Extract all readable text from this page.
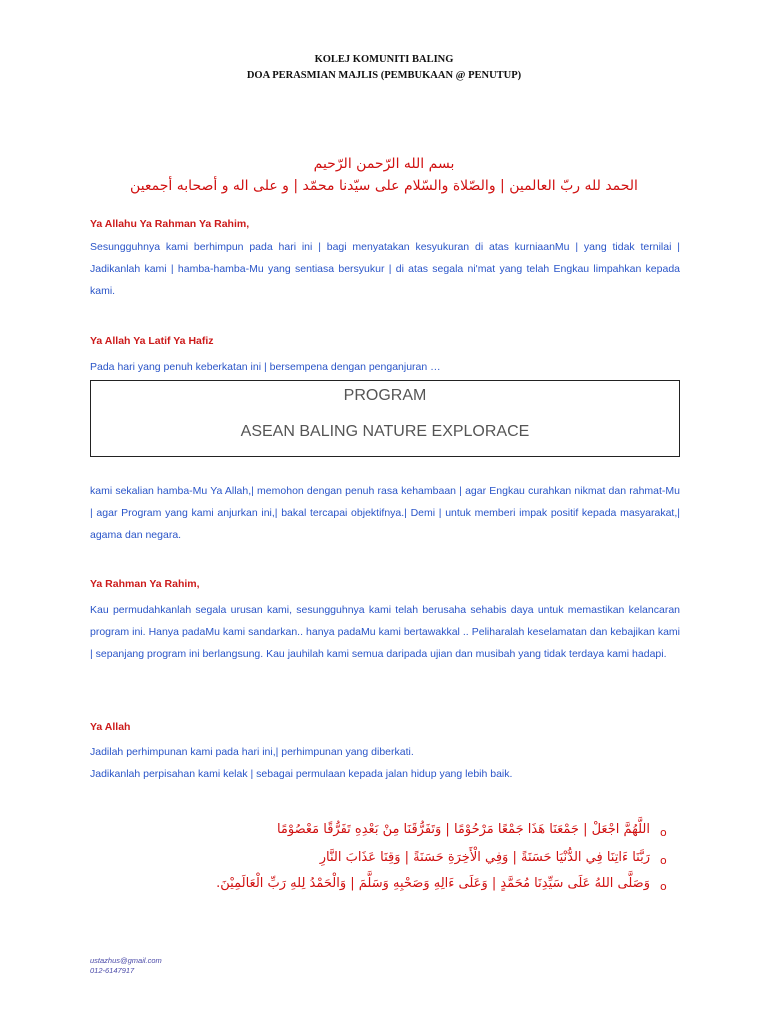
KOLEJ KOMUNITI BALING
DOA PERASMIAN MAJLIS (PEMBUKAAN @ PENUTUP)
بسم الله الرّحمن الرّحيم
الحمد لله ربّ العالمين | والصّلاة والسّلام على سيّدنا محمّد | و على اله و أصحابه أجمعين
Ya Allahu Ya Rahman Ya Rahim,
Sesungguhnya kami berhimpun pada hari ini | bagi menyatakan kesyukuran di atas kurniaanMu | yang tidak ternilai | Jadikanlah kami | hamba-hamba-Mu yang sentiasa bersyukur | di atas segala ni'mat yang telah Engkau limpahkan kepada kami.
Ya Allah Ya Latif Ya Hafiz
Pada hari yang penuh keberkatan ini | bersempena dengan penganjuran …
PROGRAM
ASEAN BALING NATURE EXPLORACE
kami sekalian hamba-Mu Ya Allah,| memohon dengan penuh rasa kehambaan | agar Engkau curahkan nikmat dan rahmat-Mu | agar Program yang kami anjurkan ini,| bakal tercapai objektifnya.| Demi | untuk memberi impak positif kepada masyarakat,| agama dan negara.
Ya Rahman Ya Rahim,
Kau permudahkanlah segala urusan kami, sesungguhnya kami telah berusaha sehabis daya untuk memastikan kelancaran program ini. Hanya padaMu kami sandarkan.. hanya padaMu kami bertawakkal .. Peliharalah keselamatan dan kebajikan kami | sepanjang program ini berlangsung. Kau jauhilah kami semua daripada ujian dan musibah yang tidak terdaya kami hadapi.
Ya Allah

Jadilah perhimpunan kami pada hari ini,| perhimpunan yang diberkati.

Jadikanlah perpisahan kami kelak | sebagai permulaan kepada jalan hidup yang lebih baik.

اللَّهُمَّ اجْعَلْ | جَمْعَنَا هَذَا جَمْعًا مَرْحُوْمًا | وَتَفَرُّقَنَا مِنْ بَعْدِهِ تَفَرُّقًا مَعْصُوْمًا o
رَبَّنَا ءَاتِنَا فِي الدُّنْيَا حَسَنَةً | وَفِي الْأَخِرَةِ حَسَنَةً | وَقِنَا عَذَابَ النَّارِ o
وَصَلَّى اللهُ عَلَى سَيِّدِنَا مُحَمَّدٍ | وَعَلَى ءَالِهِ وَصَحْبِهِ وَسَلَّمَ | وَالْحَمْدُ لِلهِ رَبِّ الْعَالَمِيْنَ. o
ustazhus@gmail.com
012-6147917
